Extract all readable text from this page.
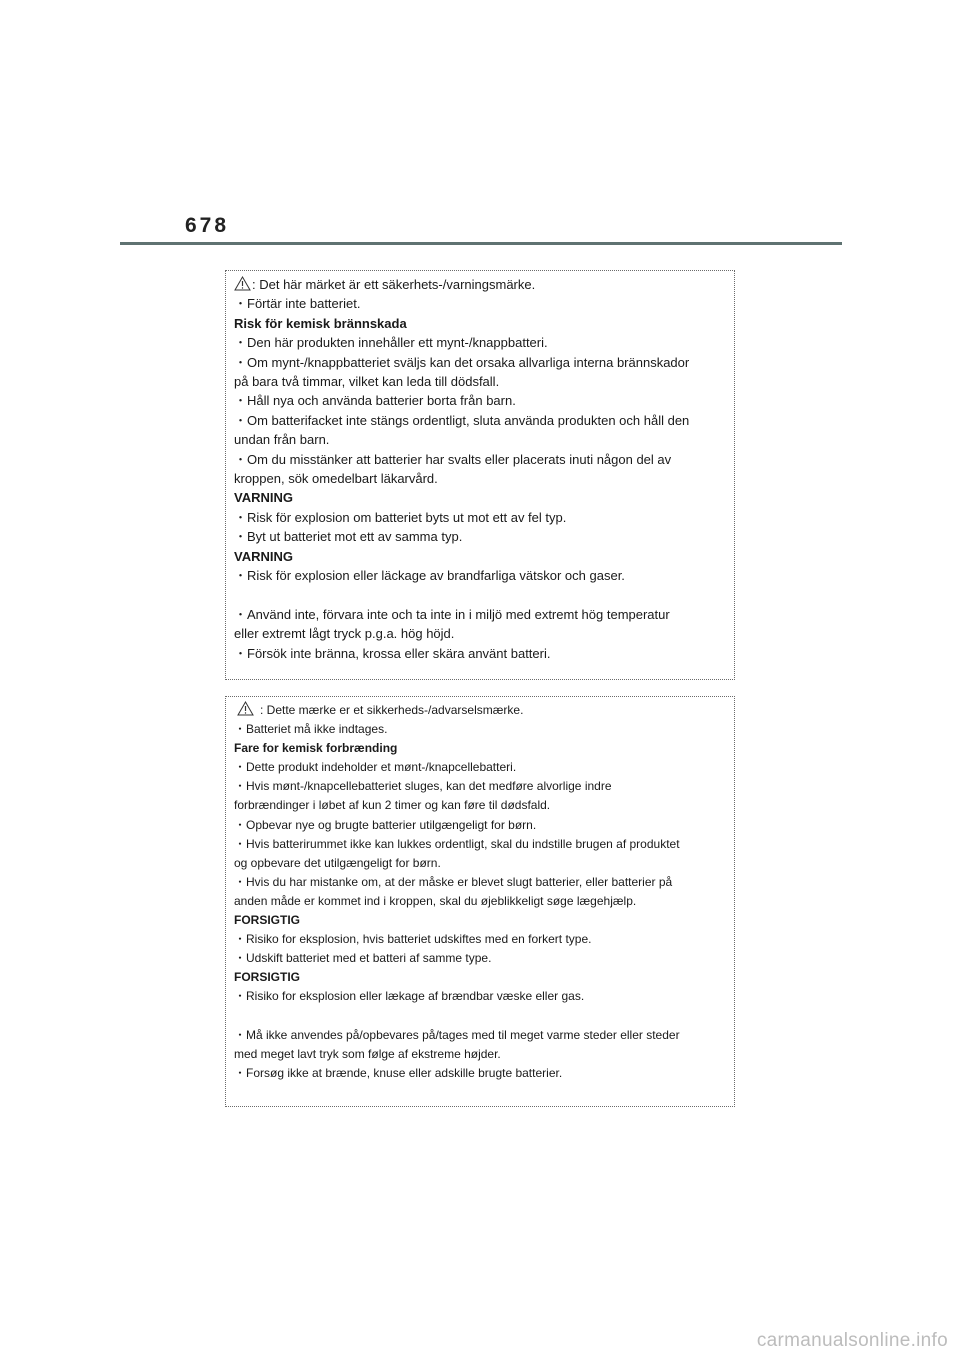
678

: Det här märket är ett säkerhets-/varningsmärke.

・Förtär inte batteriet.

Risk för kemisk brännskada

・Den här produkten innehåller ett mynt-/knappbatteri.

・Om mynt-/knappbatteriet sväljs kan det orsaka allvarliga interna brännskador

på bara två timmar, vilket kan leda till dödsfall.

・Håll nya och använda batterier borta från barn.

・Om batterifacket inte stängs ordentligt, sluta använda produkten och håll den

undan från barn.

・Om du misstänker att batterier har svalts eller placerats inuti någon del av

kroppen, sök omedelbart läkarvård.

VARNING

・Risk för explosion om batteriet byts ut mot ett av fel typ.

・Byt ut batteriet mot ett av samma typ.

VARNING

・Risk för explosion eller läckage av brandfarliga vätskor och gaser.

・Använd inte, förvara inte och ta inte in i miljö med extremt hög temperatur

eller extremt lågt tryck p.g.a. hög höjd.

・Försök inte bränna, krossa eller skära använt batteri.

: Dette mærke er et sikkerheds-/advarselsmærke.

・Batteriet må ikke indtages.

Fare for kemisk forbrænding

・Dette produkt indeholder et mønt-/knapcellebatteri.

・Hvis mønt-/knapcellebatteriet sluges, kan det medføre alvorlige indre

forbrændinger i løbet af kun 2 timer og kan føre til dødsfald.

・Opbevar nye og brugte batterier utilgængeligt for børn.

・Hvis batterirummet ikke kan lukkes ordentligt, skal du indstille brugen af produktet

og opbevare det utilgængeligt for børn.

・Hvis du har mistanke om, at der måske er blevet slugt batterier, eller batterier på

anden måde er kommet ind i kroppen, skal du øjeblikkeligt søge lægehjælp.

FORSIGTIG

・Risiko for eksplosion, hvis batteriet udskiftes med en forkert type.

・Udskift batteriet med et batteri af samme type.

FORSIGTIG

・Risiko for eksplosion eller lækage af brændbar væske eller gas.

・Må ikke anvendes på/opbevares på/tages med til meget varme steder eller steder

med meget lavt tryk som følge af ekstreme højder.

・Forsøg ikke at brænde, knuse eller adskille brugte batterier.

carmanualsonline.info
